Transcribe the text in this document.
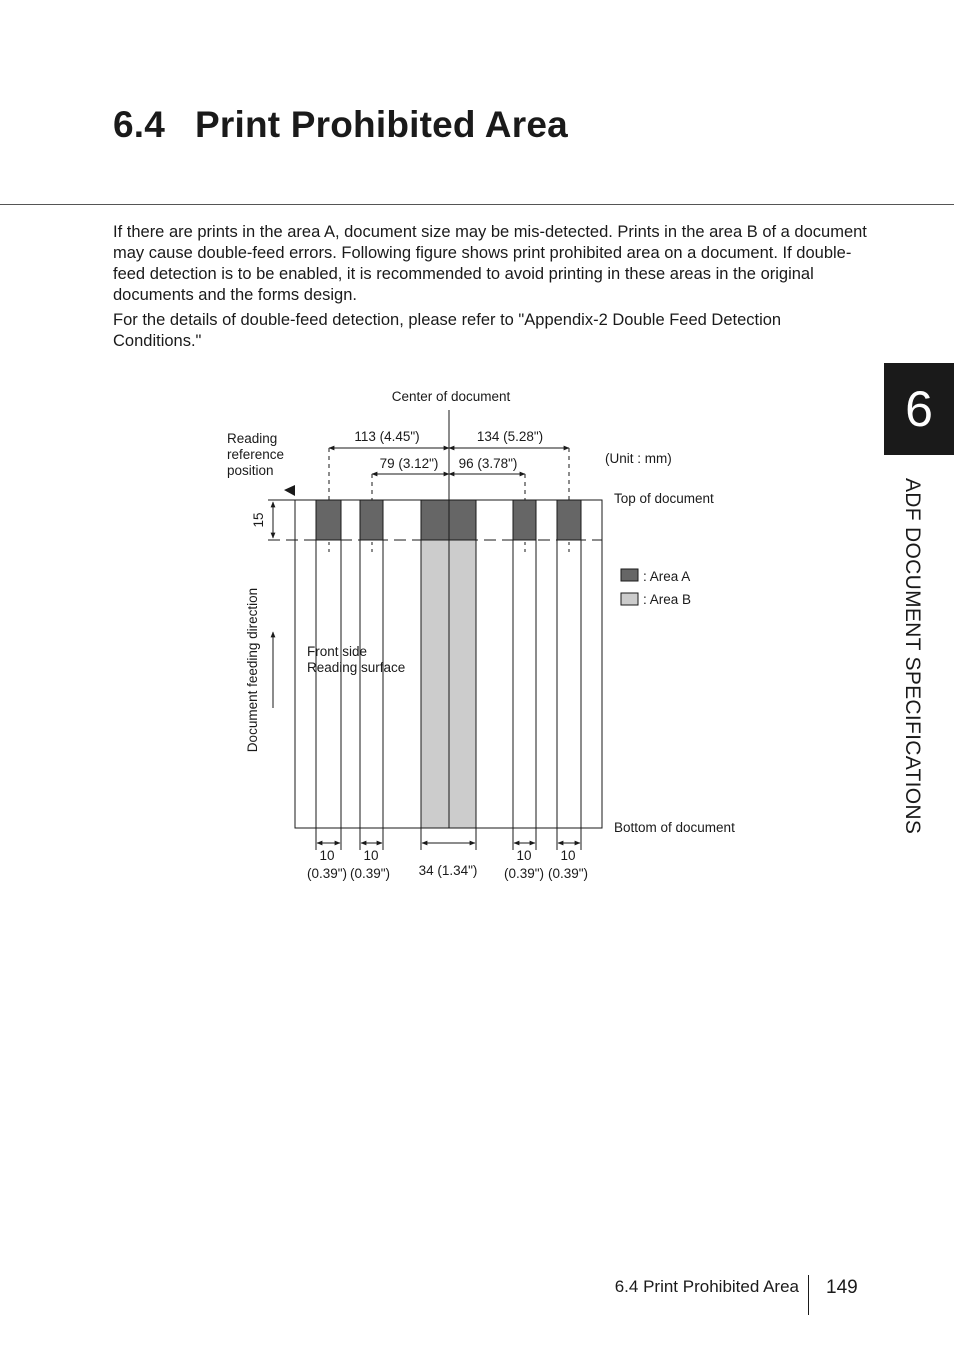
6.4 Print Prohibited Area

If there are prints in the area A, document size may be mis-detected. Prints in the area B of a document may cause double-feed errors. Following figure shows print prohibited area on a document. If double-feed detection is to be enabled, it is recommended to avoid printing in these areas in the original documents and the forms design.

For the details of double-feed detection, please refer to "Appendix-2 Double Feed Detection Conditions."

6
ADF DOCUMENT SPECIFICATIONS
Center of document
Reading
reference
position
(Unit : mm)
Top of document
Bottom of document
113 (4.45")	134 (5.28")
79 (3.12") 96 (3.78")
15
Document feeding direction	Front side
Reading surface
: Area A
: Area B
10 10	10 10
(0.39") (0.39")	(0.39") (0.39")
34 (1.34")
6.4 Print Prohibited Area 149
